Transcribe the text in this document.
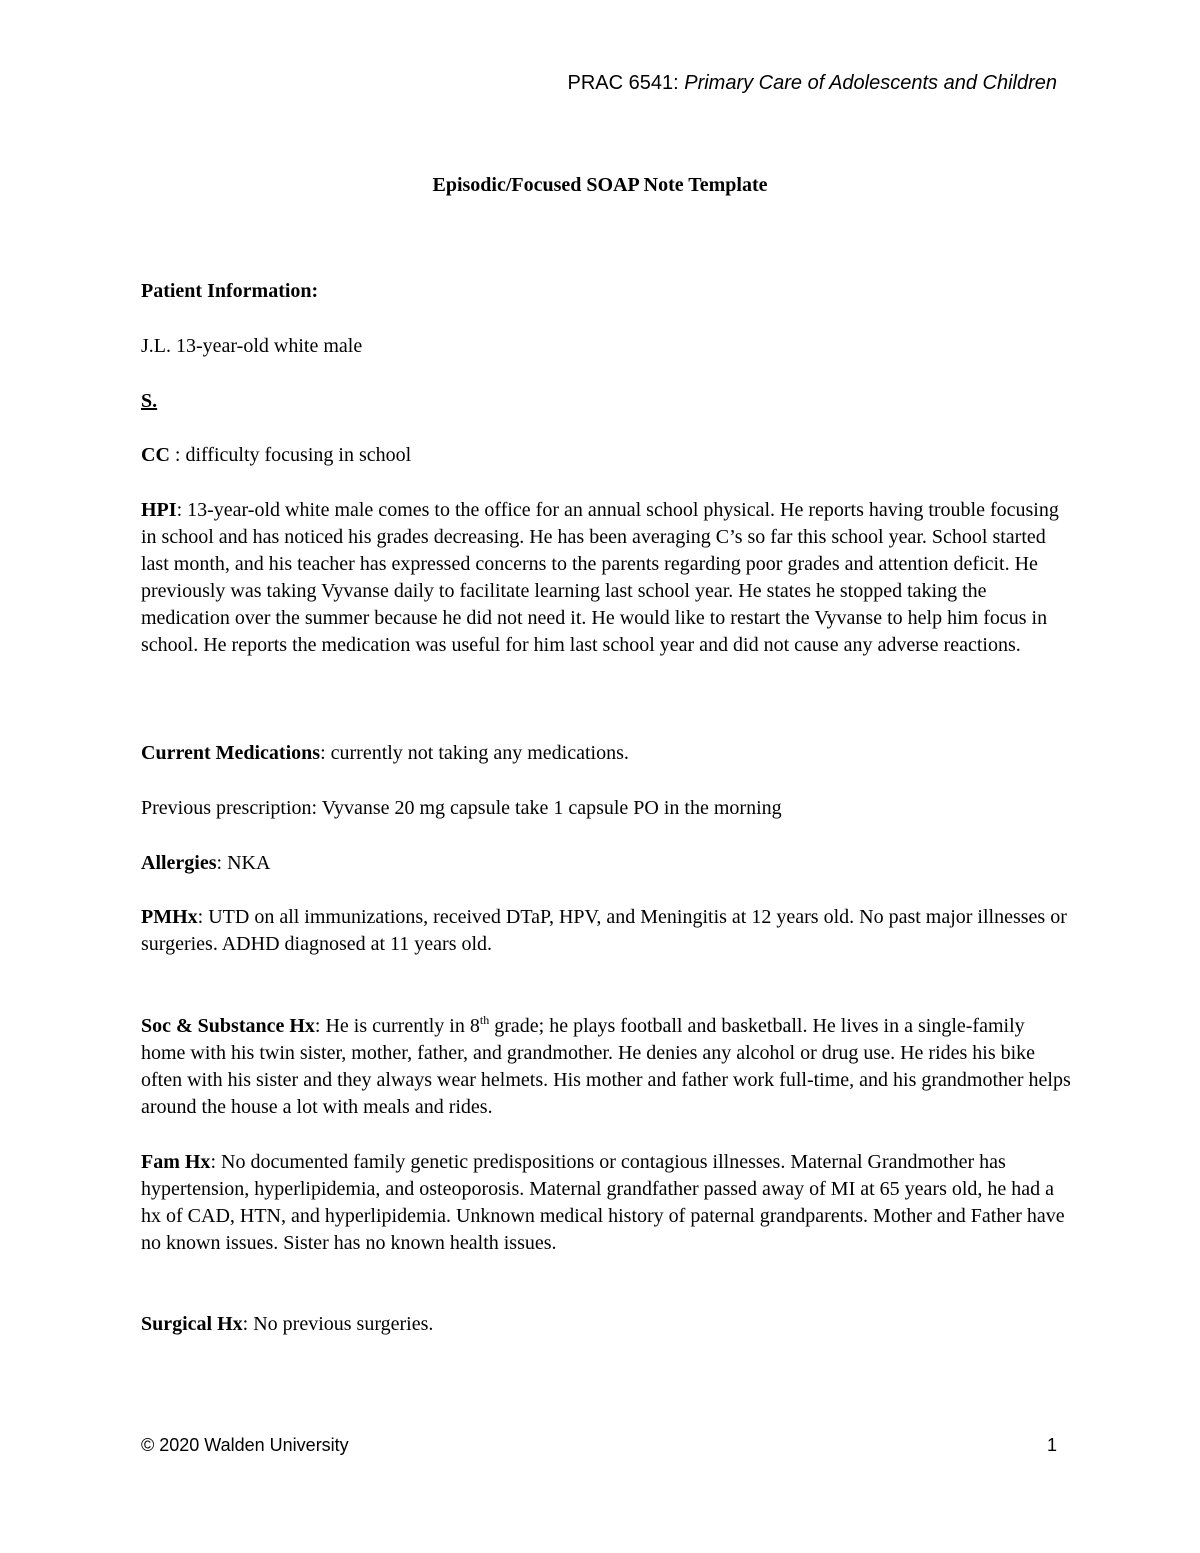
PRAC 6541: Primary Care of Adolescents and Children
Episodic/Focused SOAP Note Template

Patient Information:

J.L. 13-year-old white male

S.

CC : difficulty focusing in school

HPI: 13-year-old white male comes to the office for an annual school physical. He reports having trouble focusing in school and has noticed his grades decreasing. He has been averaging C’s so far this school year. School started last month, and his teacher has expressed concerns to the parents regarding poor grades and attention deficit. He previously was taking Vyvanse daily to facilitate learning last school year. He states he stopped taking the medication over the summer because he did not need it. He would like to restart the Vyvanse to help him focus in school. He reports the medication was useful for him last school year and did not cause any adverse reactions.

Current Medications: currently not taking any medications.

Previous prescription: Vyvanse 20 mg capsule take 1 capsule PO in the morning

Allergies: NKA

PMHx: UTD on all immunizations, received DTaP, HPV, and Meningitis at 12 years old. No past major illnesses or surgeries. ADHD diagnosed at 11 years old.

Soc & Substance Hx: He is currently in 8th grade; he plays football and basketball. He lives in a single-family home with his twin sister, mother, father, and grandmother. He denies any alcohol or drug use. He rides his bike often with his sister and they always wear helmets. His mother and father work full-time, and his grandmother helps around the house a lot with meals and rides.

Fam Hx: No documented family genetic predispositions or contagious illnesses. Maternal Grandmother has hypertension, hyperlipidemia, and osteoporosis. Maternal grandfather passed away of MI at 65 years old, he had a hx of CAD, HTN, and hyperlipidemia. Unknown medical history of paternal grandparents. Mother and Father have no known issues. Sister has no known health issues.

Surgical Hx: No previous surgeries.

© 2020 Walden University	1
